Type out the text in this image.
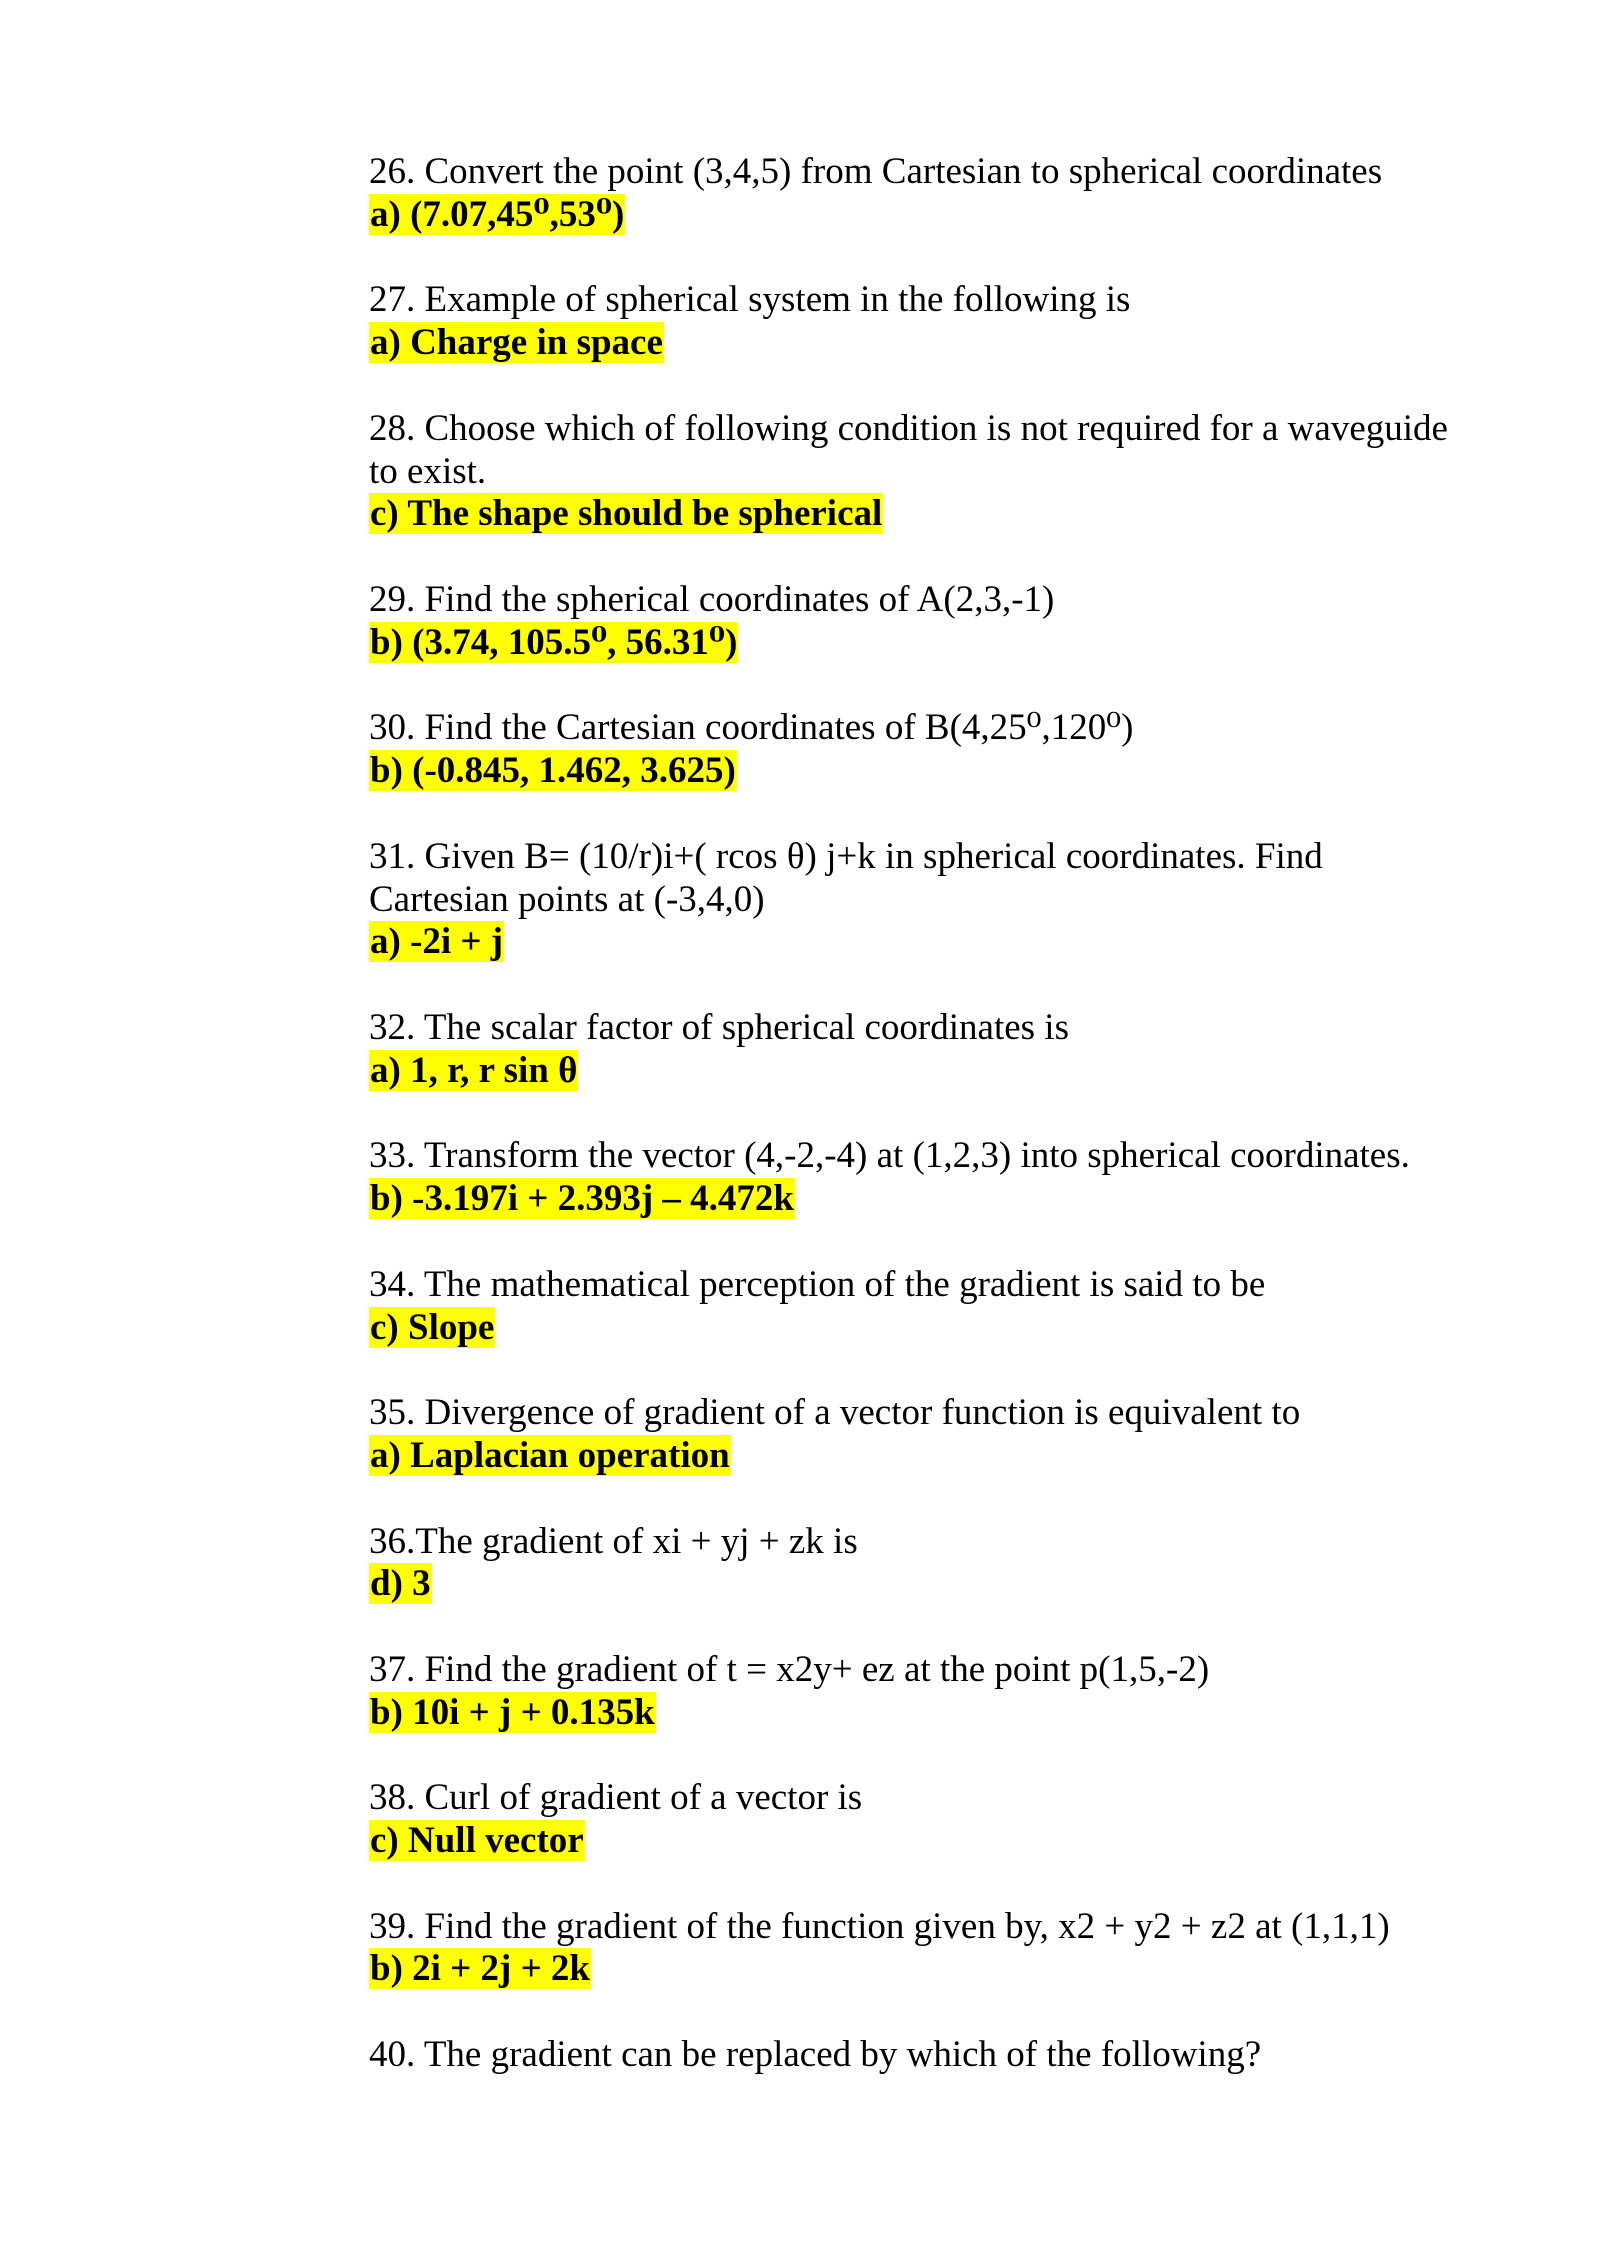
26. Convert the point (3,4,5) from Cartesian to spherical coordinates
a) (7.07,45⁰,53⁰)
27. Example of spherical system in the following is
a) Charge in space
28. Choose which of following condition is not required for a waveguide
to exist.
c) The shape should be spherical
29. Find the spherical coordinates of A(2,3,-1)
b) (3.74, 105.5⁰, 56.31⁰)
30. Find the Cartesian coordinates of B(4,25⁰,120⁰)
b) (-0.845, 1.462, 3.625)
31. Given B= (10/r)i+( rcos θ) j+k in spherical coordinates. Find
Cartesian points at (-3,4,0)
a) -2i + j
32. The scalar factor of spherical coordinates is
a) 1, r, r sin θ
33. Transform the vector (4,-2,-4) at (1,2,3) into spherical coordinates.
b) -3.197i + 2.393j – 4.472k
34. The mathematical perception of the gradient is said to be
c) Slope
35. Divergence of gradient of a vector function is equivalent to
a) Laplacian operation
36.The gradient of xi + yj + zk is
d) 3
37. Find the gradient of t = x2y+ ez at the point p(1,5,-2)
b) 10i + j + 0.135k
38. Curl of gradient of a vector is
c) Null vector
39. Find the gradient of the function given by, x2 + y2 + z2 at (1,1,1)
b) 2i + 2j + 2k
40. The gradient can be replaced by which of the following?
